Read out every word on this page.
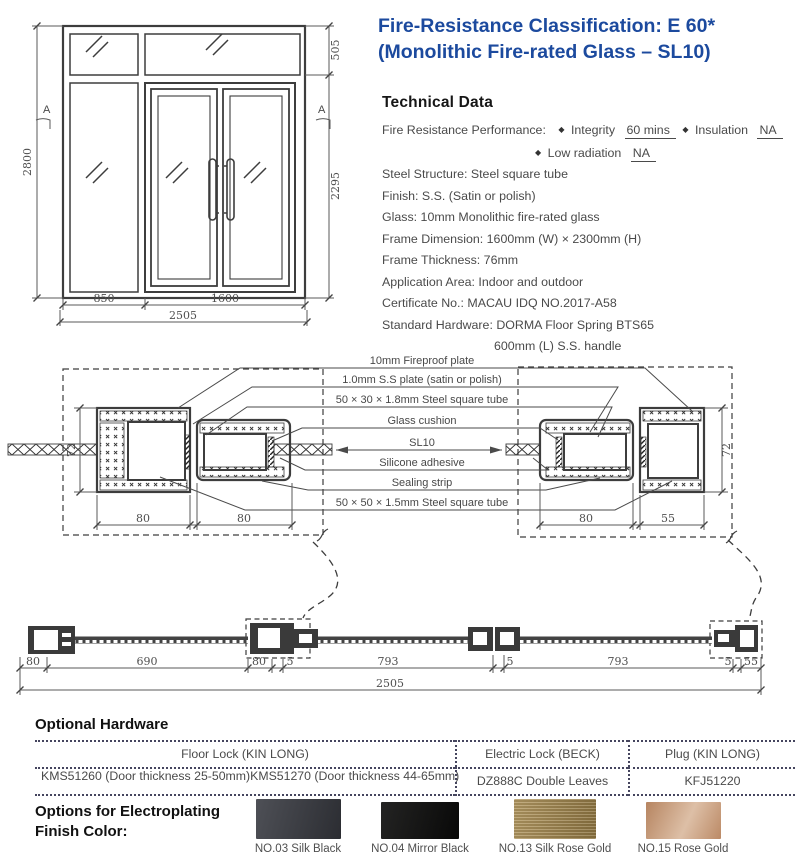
A	A
2800
505
2295
850	1600
2505
Fire-Resistance Classification: E 60*
(Monolithic Fire-rated Glass – SL10)
Technical Data
Fire Resistance Performance: ◆ Integrity 60 mins ◆ Insulation NA
◆ Low radiation NA
Steel Structure: Steel square tube
Finish: S.S. (Satin or polish)
Glass: 10mm Monolithic fire-rated glass
Frame Dimension: 1600mm (W) × 2300mm (H)
Frame Thickness: 76mm
Application Area: Indoor and outdoor
Certificate No.: MACAU IDQ NO.2017-A58
Standard Hardware: DORMA Floor Spring BTS65
600mm (L) S.S. handle
10mm Fireproof plate
1.0mm S.S plate (satin or polish)
50 × 30 × 1.8mm Steel square tube
Glass cushion
SL10
Silicone adhesive
Sealing strip
50 × 50 × 1.5mm Steel square tube
72	72
80	80	80	55
80	690	80 5	793	5	793	5 55
2505
Optional Hardware
Floor Lock (KIN LONG)	Electric Lock (BECK)	Plug (KIN LONG)
KMS51260 (Door thickness 25-50mm) KMS51270 (Door thickness 44-65mm)	DZ888C Double Leaves	KFJ51220
Options for Electroplating
Finish Color:
NO.03 Silk Black	NO.04 Mirror Black	NO.13 Silk Rose Gold NO.15 Rose Gold
